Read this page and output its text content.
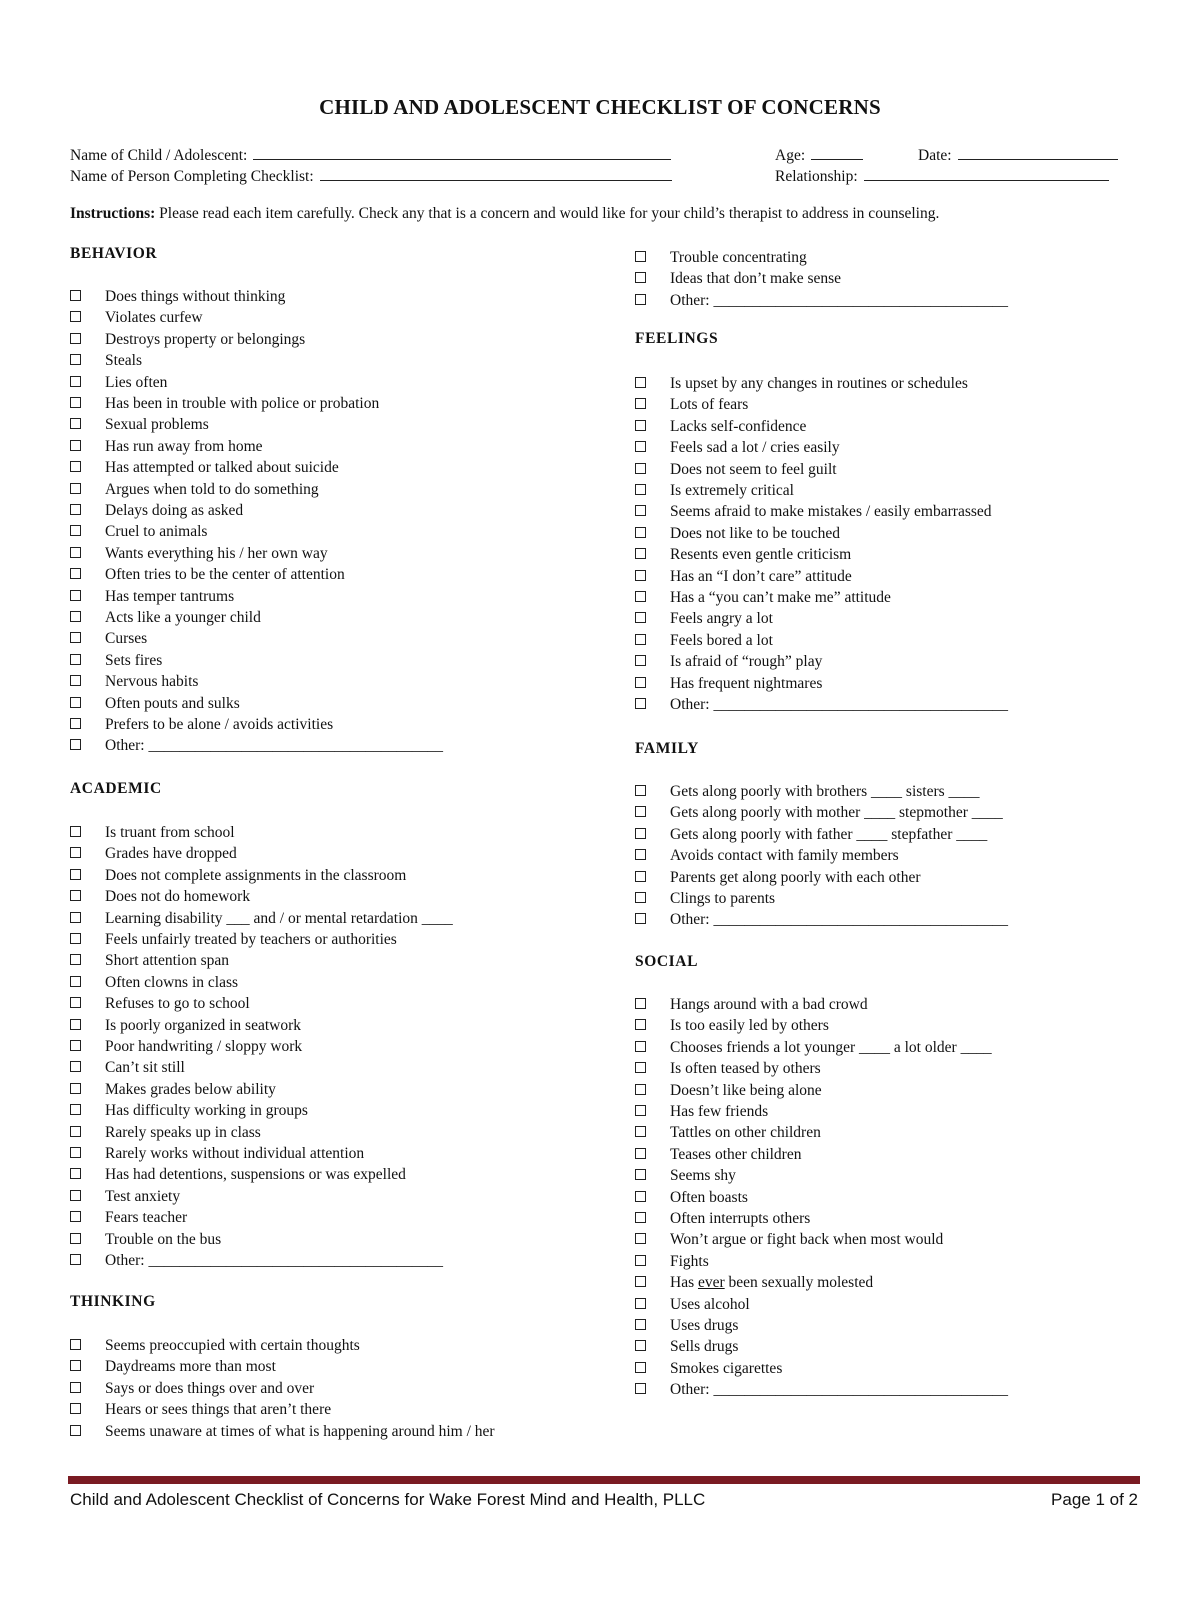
CHILD AND ADOLESCENT CHECKLIST OF CONCERNS
Name of Child / Adolescent:	Age:	Date:
Name of Person Completing Checklist:	Relationship:
Instructions: Please read each item carefully. Check any that is a concern and would like for your child’s therapist to address in counseling.
BEHAVIOR
Does things without thinking
Violates curfew
Destroys property or belongings
Steals
Lies often
Has been in trouble with police or probation
Sexual problems
Has run away from home
Has attempted or talked about suicide
Argues when told to do something
Delays doing as asked
Cruel to animals
Wants everything his / her own way
Often tries to be the center of attention
Has temper tantrums
Acts like a younger child
Curses
Sets fires
Nervous habits
Often pouts and sulks
Prefers to be alone / avoids activities
Other: ______________________________________
ACADEMIC
Is truant from school
Grades have dropped
Does not complete assignments in the classroom
Does not do homework
Learning disability ___ and / or mental retardation ____
Feels unfairly treated by teachers or authorities
Short attention span
Often clowns in class
Refuses to go to school
Is poorly organized in seatwork
Poor handwriting / sloppy work
Can’t sit still
Makes grades below ability
Has difficulty working in groups
Rarely speaks up in class
Rarely works without individual attention
Has had detentions, suspensions or was expelled
Test anxiety
Fears teacher
Trouble on the bus
Other: ______________________________________
THINKING
Seems preoccupied with certain thoughts
Daydreams more than most
Says or does things over and over
Hears or sees things that aren’t there
Seems unaware at times of what is happening around him / her
Trouble concentrating
Ideas that don’t make sense
Other: ______________________________________
FEELINGS
Is upset by any changes in routines or schedules
Lots of fears
Lacks self-confidence
Feels sad a lot / cries easily
Does not seem to feel guilt
Is extremely critical
Seems afraid to make mistakes / easily embarrassed
Does not like to be touched
Resents even gentle criticism
Has an “I don’t care” attitude
Has a “you can’t make me” attitude
Feels angry a lot
Feels bored a lot
Is afraid of “rough” play
Has frequent nightmares
Other: ______________________________________
FAMILY
Gets along poorly with brothers ____ sisters ____
Gets along poorly with mother ____ stepmother ____
Gets along poorly with father ____ stepfather ____
Avoids contact with family members
Parents get along poorly with each other
Clings to parents
Other: ______________________________________
SOCIAL
Hangs around with a bad crowd
Is too easily led by others
Chooses friends a lot younger ____ a lot older ____
Is often teased by others
Doesn’t like being alone
Has few friends
Tattles on other children
Teases other children
Seems shy
Often boasts
Often interrupts others
Won’t argue or fight back when most would
Fights
Has ever been sexually molested
Uses alcohol
Uses drugs
Sells drugs
Smokes cigarettes
Other: ______________________________________
Child and Adolescent Checklist of Concerns for Wake Forest Mind and Health, PLLC	Page 1 of 2
